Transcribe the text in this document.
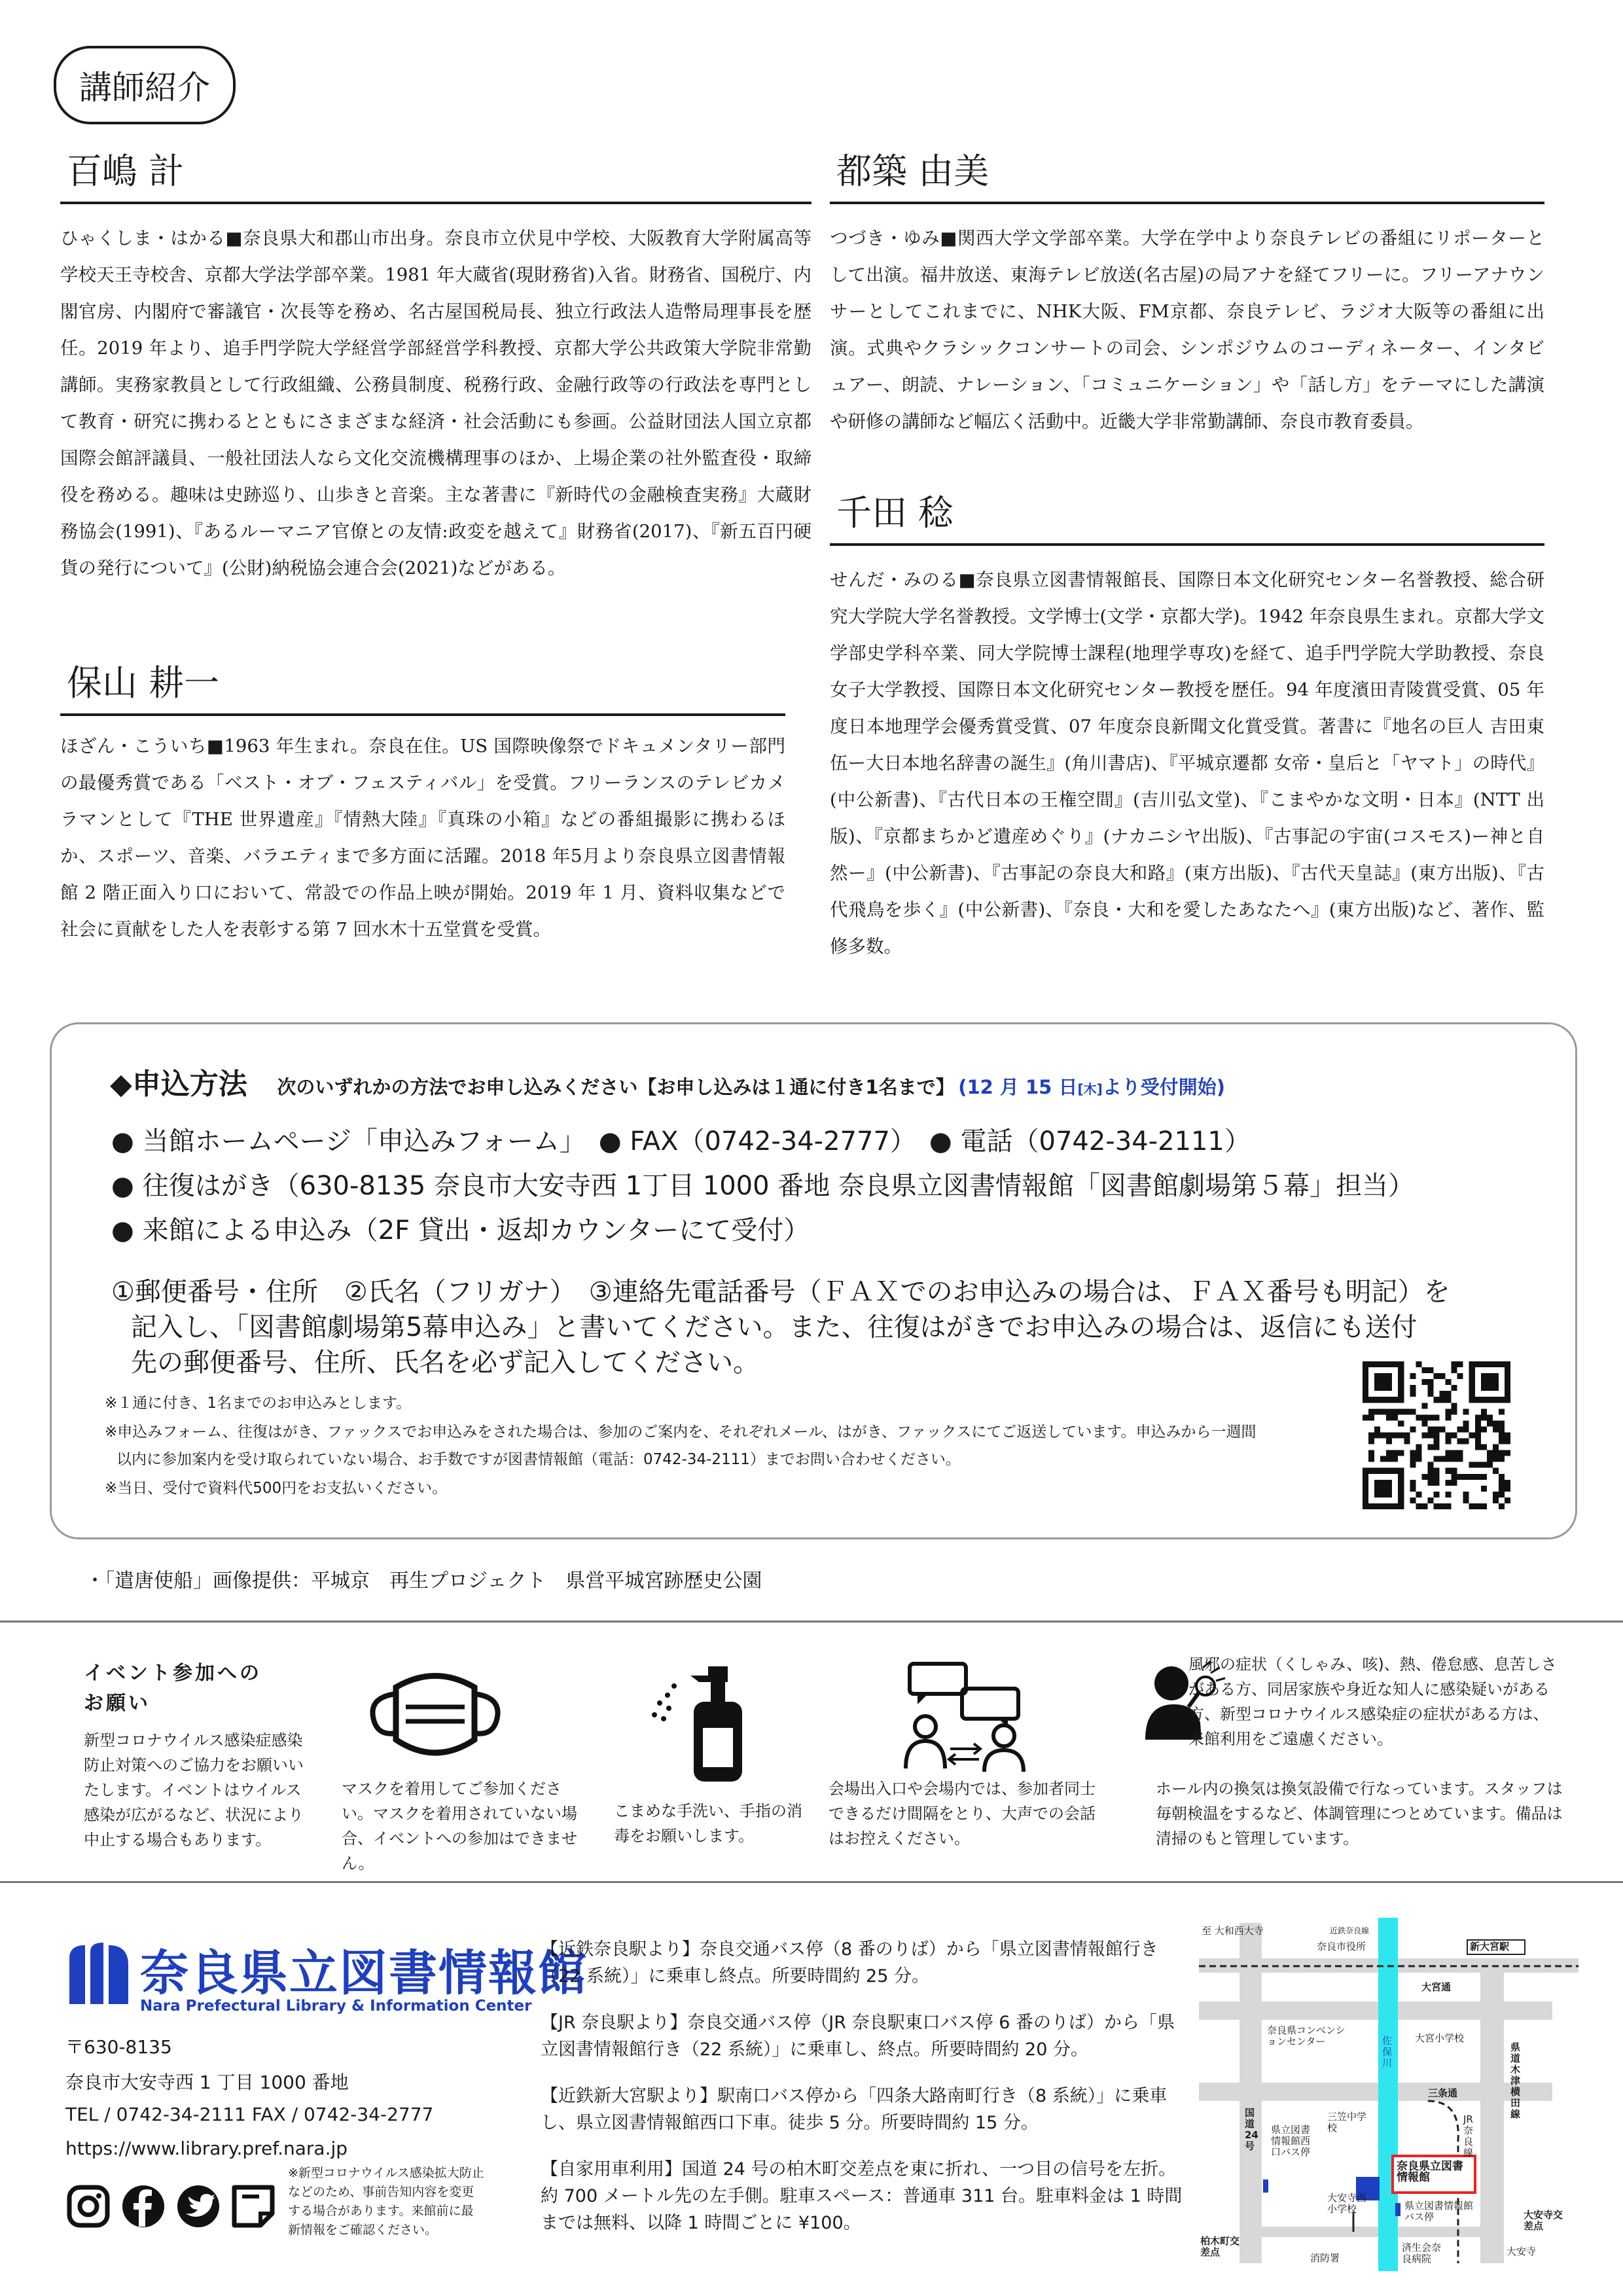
講師紹介
百嶋 計
ひゃくしま・はかる■奈良県大和郡山市出身。奈良市立伏見中学校、大阪教育大学附属高等学校天王寺校舎、京都大学法学部卒業。1981 年大蔵省(現財務省)入省。財務省、国税庁、内閣官房、内閣府で審議官・次長等を務め、名古屋国税局長、独立行政法人造幣局理事長を歴任。2019 年より、追手門学院大学経営学部経営学科教授、京都大学公共政策大学院非常勤講師。実務家教員として行政組織、公務員制度、税務行政、金融行政等の行政法を専門として教育・研究に携わるとともにさまざまな経済・社会活動にも参画。公益財団法人国立京都国際会館評議員、一般社団法人なら文化交流機構理事のほか、上場企業の社外監査役・取締役を務める。趣味は史跡巡り、山歩きと音楽。主な著書に『新時代の金融検査実務』大蔵財務協会(1991)、『あるルーマニア官僚との友情:政変を越えて』財務省(2017)、『新五百円硬貨の発行について』(公財)納税協会連合会(2021)などがある。
保山 耕一
ほざん・こういち■1963 年生まれ。奈良在住。US 国際映像祭でドキュメンタリー部門の最優秀賞である「ベスト・オブ・フェスティバル」を受賞。フリーランスのテレビカメラマンとして『THE 世界遺産』『情熱大陸』『真珠の小箱』などの番組撮影に携わるほか、スポーツ、音楽、バラエティまで多方面に活躍。2018 年5月より奈良県立図書情報館 2 階正面入り口において、常設での作品上映が開始。2019 年 1 月、資料収集などで社会に貢献をした人を表彰する第 7 回水木十五堂賞を受賞。
都築 由美
つづき・ゆみ■関西大学文学部卒業。大学在学中より奈良テレビの番組にリポーターとして出演。福井放送、東海テレビ放送(名古屋)の局アナを経てフリーに。フリーアナウンサーとしてこれまでに、NHK大阪、FM京都、奈良テレビ、ラジオ大阪等の番組に出演。式典やクラシックコンサートの司会、シンポジウムのコーディネーター、インタビュアー、朗読、ナレーション、「コミュニケーション」や「話し方」をテーマにした講演や研修の講師など幅広く活動中。近畿大学非常勤講師、奈良市教育委員。
千田 稔
せんだ・みのる■奈良県立図書情報館長、国際日本文化研究センター名誉教授、総合研究大学院大学名誉教授。文学博士(文学・京都大学)。1942 年奈良県生まれ。京都大学文学部史学科卒業、同大学院博士課程(地理学専攻)を経て、追手門学院大学助教授、奈良女子大学教授、国際日本文化研究センター教授を歴任。94 年度濱田青陵賞受賞、05 年度日本地理学会優秀賞受賞、07 年度奈良新聞文化賞受賞。著書に『地名の巨人 吉田東伍ー大日本地名辞書の誕生』(角川書店)、『平城京遷都 女帝・皇后と「ヤマト」の時代』(中公新書)、『古代日本の王権空間』(吉川弘文堂)、『こまやかな文明・日本』(NTT 出版)、『京都まちかど遺産めぐり』(ナカニシヤ出版)、『古事記の宇宙(コスモス)ー神と自然ー』(中公新書)、『古事記の奈良大和路』(東方出版)、『古代天皇誌』(東方出版)、『古代飛鳥を歩く』(中公新書)、『奈良・大和を愛したあなたへ』(東方出版)など、著作、監修多数。
◆申込方法 次のいずれかの方法でお申し込みください【お申し込みは１通に付き1名まで】 (12 月 15 日[木]より受付開始)
● 当館ホームページ「申込みフォーム」　● FAX（0742-34-2777）　● 電話（0742-34-2111）
● 往復はがき（630-8135 奈良市大安寺西 1丁目 1000 番地 奈良県立図書情報館「図書館劇場第５幕」担当）
● 来館による申込み（2F 貸出・返却カウンターにて受付）
①郵便番号・住所　②氏名（フリガナ）　③連絡先電話番号（ＦＡＸでのお申込みの場合は、ＦＡＸ番号も明記）を
記入し、「図書館劇場第5幕申込み」と書いてください。また、往復はがきでお申込みの場合は、返信にも送付
先の郵便番号、住所、氏名を必ず記入してください。
※１通に付き、1名までのお申込みとします。
※申込みフォーム、往復はがき、ファックスでお申込みをされた場合は、参加のご案内を、それぞれメール、はがき、ファックスにてご返送しています。申込みから一週間
以内に参加案内を受け取られていない場合、お手数ですが図書情報館（電話：0742-34-2111）までお問い合わせください。
※当日、受付で資料代500円をお支払いください。
・「遣唐使船」画像提供：平城京　再生プロジェクト　県営平城宮跡歴史公園
イベント参加への
お願い
新型コロナウイルス感染症感染防止対策へのご協力をお願いいたします。イベントはウイルス感染が広がるなど、状況により中止する場合もあります。
マスクを着用してご参加ください。マスクを着用されていない場合、イベントへの参加はできません。
こまめな手洗い、手指の消毒をお願いします。
会場出入口や会場内では、参加者同士できるだけ間隔をとり、大声での会話はお控えください。
風邪の症状（くしゃみ、咳)、熱、倦怠感、息苦しさがある方、同居家族や身近な知人に感染疑いがある方、新型コロナウイルス感染症の症状がある方は、来館利用をご遠慮ください。
ホール内の換気は換気設備で行なっています。スタッフは毎朝検温をするなど、体調管理につとめています。備品は清掃のもと管理しています。
奈良県立図書情報館
Nara Prefectural Library & Information Center
〒630-8135
奈良市大安寺西 1 丁目 1000 番地
TEL / 0742-34-2111 FAX / 0742-34-2777
https://www.library.pref.nara.jp
※新型コロナウイルス感染拡大防止などのため、事前告知内容を変更する場合があります。来館前に最新情報をご確認ください。
【近鉄奈良駅より】奈良交通バス停（8 番のりば）から「県立図書情報館行き（22 系統）」に乗車し終点。所要時間約 25 分。
【JR 奈良駅より】奈良交通バス停（JR 奈良駅東口バス停 6 番のりば）から「県立図書情報館行き（22 系統）」に乗車し、終点。所要時間約 20 分。
【近鉄新大宮駅より】駅南口バス停から「四条大路南町行き（8 系統）」に乗車し、県立図書情報館西口下車。徒歩 5 分。所要時間約 15 分。
【自家用車利用】国道 24 号の柏木町交差点を東に折れ、一つ目の信号を左折。約 700 メートル先の左手側。駐車スペース：普通車 311 台。駐車料金は 1 時間までは無料、以降 1 時間ごとに ¥100。
至 大和西大寺	近鉄奈良線
奈良市役所	新大宮駅
大宮通
奈良県コンベンションセンター	大宮小学校
三条通
佐保川
国道24号
三笠中学校
県立図書情報館西口バス停
奈良県立図書情報館
県立図書情報館バス停
JR奈良線
県道木津横田線
大安寺西小学校
柏木町交差点	消防署
済生会奈良病院
大安寺交差点
大安寺
